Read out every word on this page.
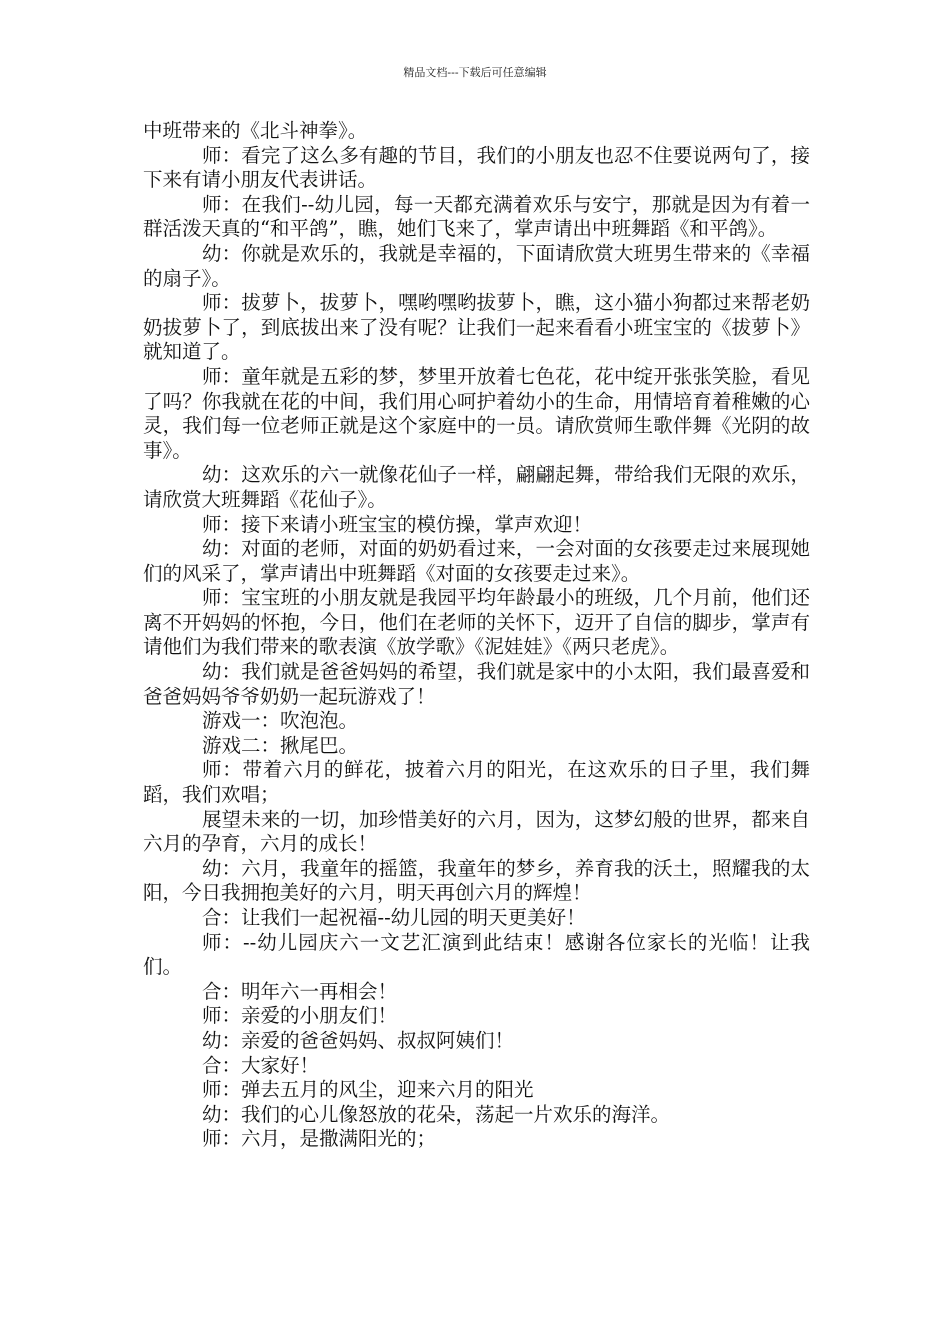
精品文档---下载后可任意编辑

中班带来的《北斗神拳》。

师：看完了这么多有趣的节目，我们的小朋友也忍不住要说两句了，接下来有请小朋友代表讲话。

师：在我们--幼儿园，每一天都充满着欢乐与安宁，那就是因为有着一群活泼天真的“和平鸽”，瞧，她们飞来了，掌声请出中班舞蹈《和平鸽》。

幼：你就是欢乐的，我就是幸福的，下面请欣赏大班男生带来的《幸福的扇子》。

师：拔萝卜，拔萝卜，嘿哟嘿哟拔萝卜，瞧，这小猫小狗都过来帮老奶奶拔萝卜了，到底拔出来了没有呢？让我们一起来看看小班宝宝的《拔萝卜》就知道了。

师：童年就是五彩的梦，梦里开放着七色花，花中绽开张张笑脸，看见了吗？你我就在花的中间，我们用心呵护着幼小的生命，用情培育着稚嫩的心灵，我们每一位老师正就是这个家庭中的一员。请欣赏师生歌伴舞《光阴的故事》。

幼：这欢乐的六一就像花仙子一样，翩翩起舞，带给我们无限的欢乐，请欣赏大班舞蹈《花仙子》。

师：接下来请小班宝宝的模仿操，掌声欢迎！

幼：对面的老师，对面的奶奶看过来，一会对面的女孩要走过来展现她们的风采了，掌声请出中班舞蹈《对面的女孩要走过来》。

师：宝宝班的小朋友就是我园平均年龄最小的班级，几个月前，他们还离不开妈妈的怀抱，今日，他们在老师的关怀下，迈开了自信的脚步，掌声有请他们为我们带来的歌表演《放学歌》《泥娃娃》《两只老虎》。

幼：我们就是爸爸妈妈的希望，我们就是家中的小太阳，我们最喜爱和爸爸妈妈爷爷奶奶一起玩游戏了！

游戏一：吹泡泡。

游戏二：揪尾巴。

师：带着六月的鲜花，披着六月的阳光，在这欢乐的日子里，我们舞蹈，我们欢唱；

展望未来的一切，加珍惜美好的六月，因为，这梦幻般的世界，都来自六月的孕育，六月的成长！

幼：六月，我童年的摇篮，我童年的梦乡，养育我的沃土，照耀我的太阳，今日我拥抱美好的六月，明天再创六月的辉煌！

合：让我们一起祝福--幼儿园的明天更美好！

师：--幼儿园庆六一文艺汇演到此结束！感谢各位家长的光临！让我们。

合：明年六一再相会！

师：亲爱的小朋友们！

幼：亲爱的爸爸妈妈、叔叔阿姨们！

合：大家好！

师：弹去五月的风尘，迎来六月的阳光

幼：我们的心儿像怒放的花朵，荡起一片欢乐的海洋。

师：六月，是撒满阳光的；
